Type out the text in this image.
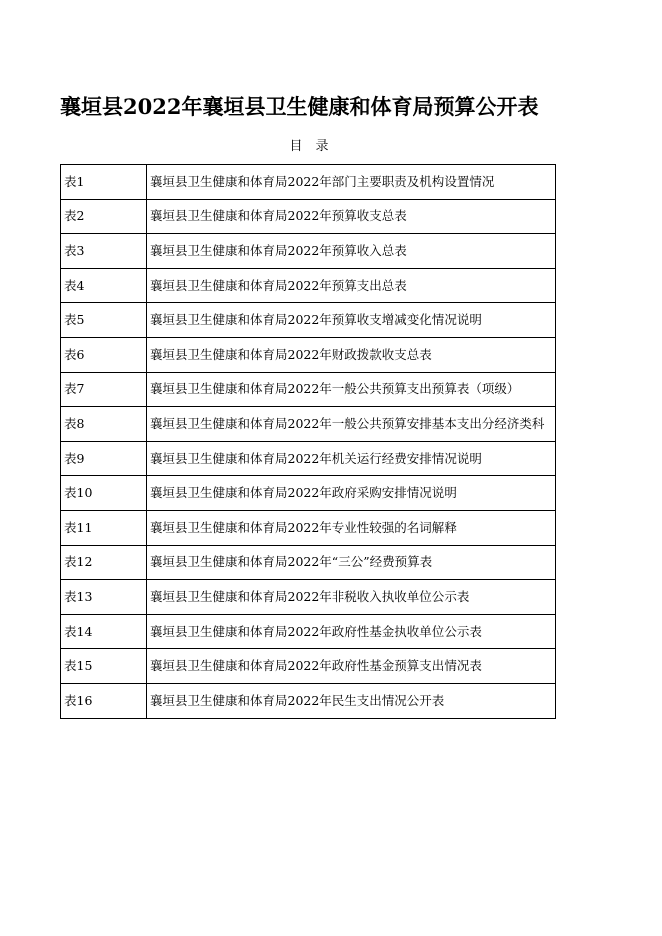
襄垣县2022年襄垣县卫生健康和体育局预算公开表
目　录
表1	襄垣县卫生健康和体育局2022年部门主要职责及机构设置情况
表2	襄垣县卫生健康和体育局2022年预算收支总表
表3	襄垣县卫生健康和体育局2022年预算收入总表
表4	襄垣县卫生健康和体育局2022年预算支出总表
表5	襄垣县卫生健康和体育局2022年预算收支增减变化情况说明
表6	襄垣县卫生健康和体育局2022年财政拨款收支总表
表7	襄垣县卫生健康和体育局2022年一般公共预算支出预算表（项级）
表8	襄垣县卫生健康和体育局2022年一般公共预算安排基本支出分经济类科
表9	襄垣县卫生健康和体育局2022年机关运行经费安排情况说明
表10	襄垣县卫生健康和体育局2022年政府采购安排情况说明
表11	襄垣县卫生健康和体育局2022年专业性较强的名词解释
表12	襄垣县卫生健康和体育局2022年“三公”经费预算表
表13	襄垣县卫生健康和体育局2022年非税收入执收单位公示表
表14	襄垣县卫生健康和体育局2022年政府性基金执收单位公示表
表15	襄垣县卫生健康和体育局2022年政府性基金预算支出情况表
表16	襄垣县卫生健康和体育局2022年民生支出情况公开表
